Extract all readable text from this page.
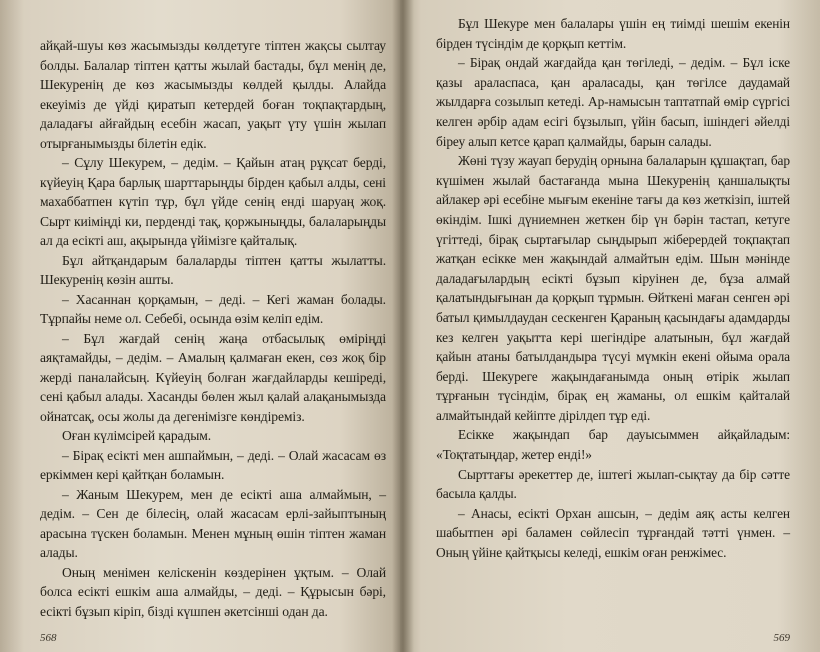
айқай-шуы көз жасымызды көлдетуге тіптен жақсы сылтау болды. Балалар тіптен қатты жылай бастады, бұл менің де, Шекуренің де көз жасымызды көлдей қылды. Алайда екеуіміз де үйді қиратып кетердей боған тоқпақтардың, даладағы айғайдың есебін жасап, уақыт үту үшін жылап отырғанымызды білетін едік.

– Сұлу Шекурем, – дедім. – Қайын атаң рұқсат берді, күйеуің Қара барлық шарттарыңды бірден қабыл алды, сені махаббатпен күтіп тұр, бұл үйде сенің енді шаруаң жоқ. Сырт киіміңді ки, перденді тақ, қоржыныңды, балаларыңды ал да есікті аш, ақырында үйімізге қайталық.

Бұл айтқандарым балаларды тіптен қатты жылатты. Шекуренің көзін ашты.

– Хасаннан қорқамын, – деді. – Кегі жаман болады. Тұрпайы неме ол. Себебі, осында өзім келіп едім.

– Бұл жағдай сенің жаңа отбасылық өміріңді аяқтамайды, – дедім. – Амалың қалмаған екен, сөз жоқ бір жерді паналайсың. Күйеуің болған жағдайларды кешіреді, сені қабыл алады. Хасанды бөлен жыл қалай алақанымызда ойнатсақ, осы жолы да дегенімізге көндіреміз.

Оған күлімсірей қарадым.

– Бірақ есікті мен ашпаймын, – деді. – Олай жасасам өз еркіммен кері қайтқан боламын.

– Жаным Шекурем, мен де есікті аша алмаймын, – дедім. – Сен де білесің, олай жасасам ерлі-зайыптының арасына түскен боламын. Менен мұның өшін тіптен жаман алады.

Оның менімен келіскенін көздерінен ұқтым. – Олай болса есікті ешкім аша алмайды, – деді. – Құрысын бәрі, есікті бұзып кіріп, бізді күшпен әкетсінші одан да.

568

Бұл Шекуре мен балалары үшін ең тиімді шешім екенін бірден түсіндім де қорқып кеттім.

– Бірақ ондай жағдайда қан төгіледі, – дедім. – Бұл іске қазы араласпаса, қан араласады, қан төгілсе даудамай жылдарға созылып кетеді. Ар-намысын таптатпай өмір сүргісі келген әрбір адам есігі бұзылып, үйін басып, ішіндегі әйелді біреу алып кетсе қарап қалмайды, барын салады.

Жөні түзу жауап берудің орнына балаларын құшақтап, бар күшімен жылай бастағанда мына Шекуренің қаншалықты айлакер әрі есебіне мығым екеніне тағы да көз жеткізіп, іштей өкіндім. Ішкі дүниемнен жеткен бір үн бәрін тастап, кетуге үгіттеді, бірақ сыртағылар сыңдырып жіберердей тоқпақтап жатқан есікке мен жақындай алмайтын едім. Шын мәнінде даладағылардың есікті бұзып кіруінен де, бұза алмай қалатындығынан да қорқып тұрмын. Өйткені маған сенген әрі батыл қимылдаудан сескенген Қараның қасындағы адамдарды кез келген уақытта кері шегіндіре алатынын, бұл жағдай қайын атаны батылдандыра түсуі мүмкін екені ойыма орала берді. Шекуреге жақындағанымда оның өтірік жылап тұрғанын түсіндім, бірақ ең жаманы, ол ешкім қайталай алмайтындай кейіпте дірілдеп тұр еді.

Есікке жақындап бар дауысыммен айқайладым: «Тоқтатыңдар, жетер енді!»

Сырттағы әрекеттер де, іштегі жылап-сықтау да бір сәтте басыла қалды.

– Анасы, есікті Орхан ашсын, – дедім аяқ асты келген шабытпен әрі баламен сөйлесіп тұрғандай тәтті үнмен. – Оның үйіне қайтқысы келеді, ешкім оған ренжімес.

569
